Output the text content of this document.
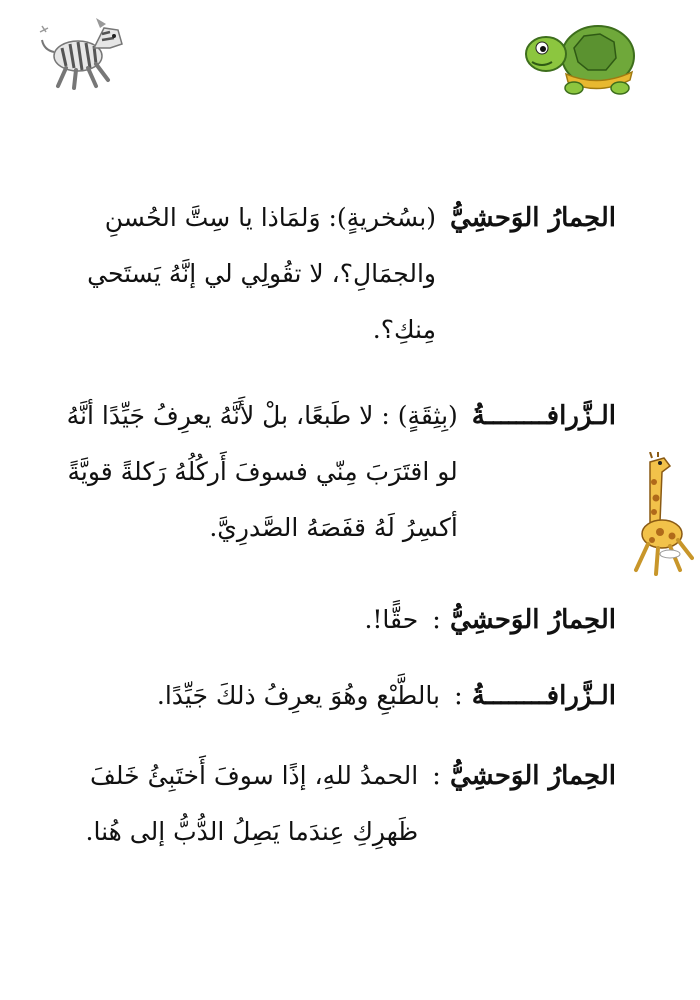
الحِمارُ الوَحشِيُّ
(بسُخريةٍ): وَلمَاذا يا سِتَّ الحُسنِ
والجمَالِ؟، لا تقُولِي لي إنَّهُ يَستَحي
مِنكِ؟.
الـزَّرافــــــــةُ
(بِثِقَةٍ) : لا طَبعًا، بلْ لأَنَّهُ يعرِفُ جَيِّدًا أنَّهُ
لو اقتَرَبَ مِنّي فسوفَ أَركُلُهُ رَكلةً قويَّةً
أكسِرُ لَهُ قفَصَهُ الصَّدرِيَّ.
الحِمارُ الوَحشِيُّ :
حقًّا!.
الـزَّرافــــــــةُ :
بالطَّبْعِ وهُوَ يعرِفُ ذلكَ جَيِّدًا.
الحِمارُ الوَحشِيُّ :
الحمدُ للهِ، إذًا سوفَ أَختَبِئُ خَلفَ
ظَهرِكِ عِندَما يَصِلُ الدُّبُّ إلى هُنا.
